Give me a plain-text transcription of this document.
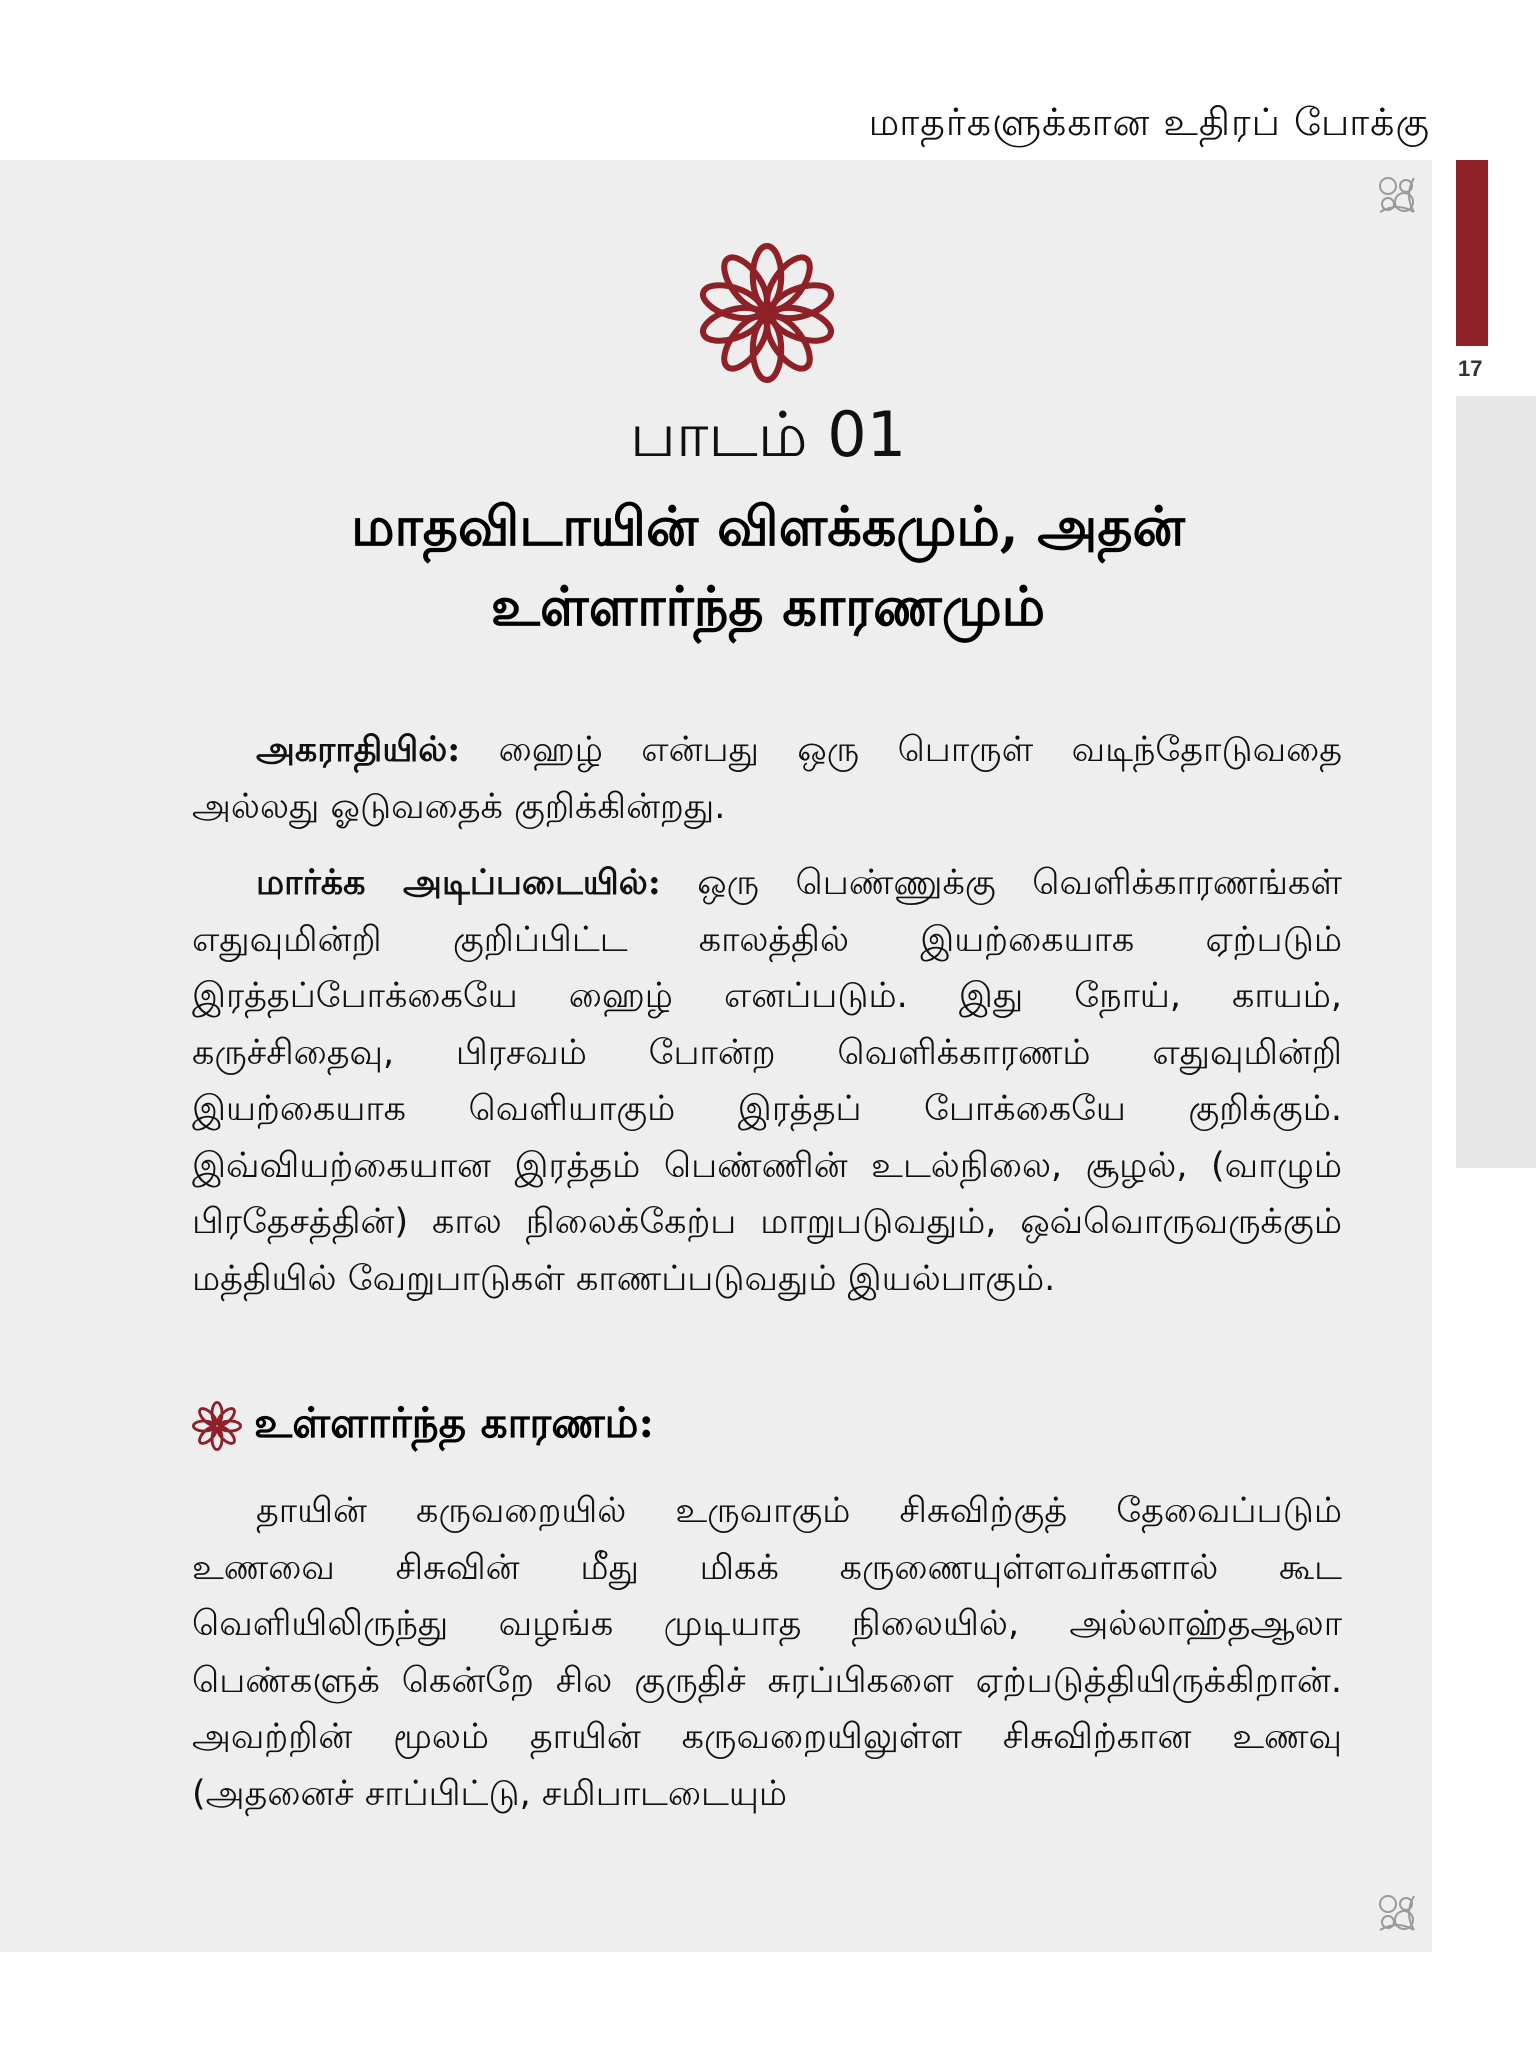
மாதர்களுக்கான உதிரப் போக்கு
17
பாடம் 01
மாதவிடாயின் விளக்கமும், அதன்
உள்ளார்ந்த காரணமும்
அகராதியில்: ஹைழ் என்பது ஒரு பொருள் வடிந்தோடுவதை அல்லது ஓடுவதைக் குறிக்கின்றது.
மார்க்க அடிப்படையில்: ஒரு பெண்ணுக்கு வெளிக்காரணங்கள் எதுவுமின்றி குறிப்பிட்ட காலத்தில் இயற்கையாக ஏற்படும் இரத்தப்போக்கையே ஹைழ் எனப்படும். இது நோய், காயம், கருச்சிதைவு, பிரசவம் போன்ற வெளிக்காரணம் எதுவுமின்றி இயற்கையாக வெளியாகும் இரத்தப் போக்கையே குறிக்கும். இவ்வியற்கையான இரத்தம் பெண்ணின் உடல்நிலை, சூழல், (வாழும் பிரதேசத்தின்) கால நிலைக்கேற்ப மாறுபடுவதும், ஒவ்வொருவருக்கும் மத்தியில் வேறுபாடுகள் காணப்படுவதும் இயல்பாகும்.
உள்ளார்ந்த காரணம்:
தாயின் கருவறையில் உருவாகும் சிசுவிற்குத் தேவைப்படும் உணவை சிசுவின் மீது மிகக் கருணையுள்ளவர்களால் கூட வெளியிலிருந்து வழங்க முடியாத நிலையில், அல்லாஹ்தஆலா பெண்களுக் கென்றே சில குருதிச் சுரப்பிகளை ஏற்படுத்தியிருக்கிறான். அவற்றின் மூலம் தாயின் கருவறையிலுள்ள சிசுவிற்கான உணவு (அதனைச் சாப்பிட்டு, சமிபாடடையும்
